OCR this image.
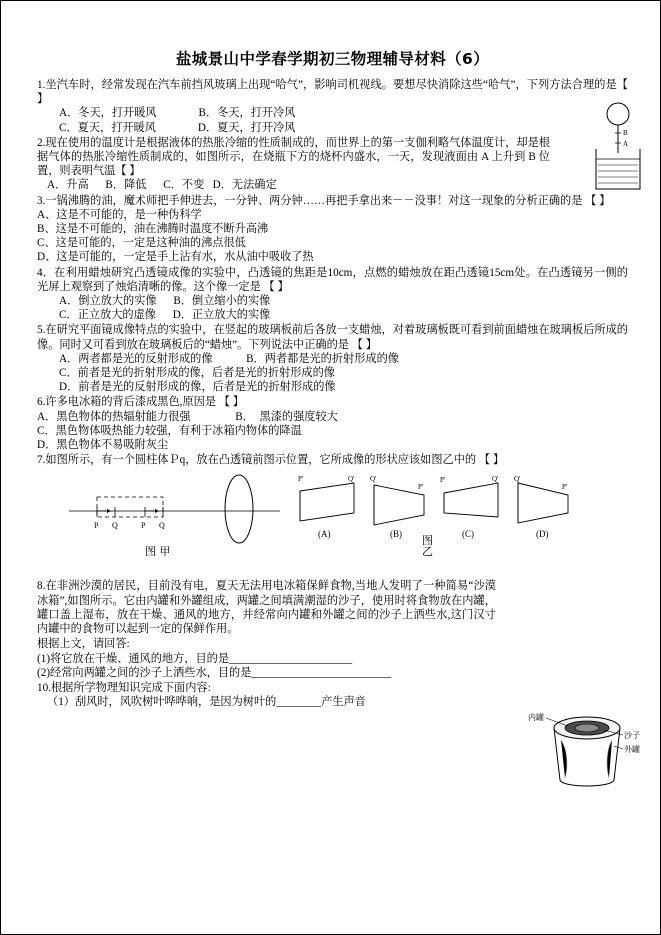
盐城景山中学春学期初三物理辅导材料（6）
1.坐汽车时，经常发现在汽车前挡风玻璃上出现“哈气”，影响司机视线。要想尽快消除这些“哈气”，下列方法合理的是【 】
A．冬天，打开暖风               B．冬天，打开冷风
C．夏天，打开暖风               D．夏天，打开冷风
2.现在使用的温度计是根据液体的热胀冷缩的性质制成的，而世界上的第一支伽利略气体温度计，却是根据气体的热胀冷缩性质制成的，如图所示，在烧瓶下方的烧杯内盛水，一天，发现液面由 A 上升到 B 位置，则表明气温【 】
A．升高      B．降低      C．不变   D．无法确定
3.一锅沸腾的油，魔术师把手伸进去，一分钟、两分钟……再把手拿出来－－没事！对这一现象的分析正确的是 【 】
A、这是不可能的，是一种伪科学
B、这是不可能的，油在沸腾时温度不断升高沸
C、这是可能的，一定是这种油的沸点很低
D、这是可能的，一定是手上沾有水，水从油中吸收了热
4．在利用蜡烛研究凸透镜成像的实验中，凸透镜的焦距是10cm，点燃的蜡烛放在距凸透镜15cm处。在凸透镜另一侧的光屏上观察到了烛焰清晰的像。这个像一定是 【 】
A．倒立放大的实像      B．倒立缩小的实像
C．正立放大的虚像      D．正立放大的实像
5.在研究平面镜成像特点的实验中，在竖起的玻璃板前后各放一支蜡烛，对着玻璃板既可看到前面蜡烛在玻璃板后所成的像。同时又可看到放在玻璃板后的“蜡烛”。下列说法中正确的是 【 】
A．两者都是光的反射形成的像            B．两者都是光的折射形成的像
C．前者是光的折射形成的像，后者是光的折射形成的像
D．前者是光的反射形成的像，后者是光的折射形成的像
6.许多电冰箱的背后漆成黑色,原因是 【 】
A．黑色物体的热辐射能力很强                B．  黑漆的强度较大
C．黑色物体吸热能力较强，有利于冰箱内物体的降温
D．黑色物体不易吸附灰尘
7.如图所示，有一个圆柱体Ｐq，放在凸透镜前图示位置，它所成像的形状应该如图乙中的 【 】
P Q	P Q
P'	Q'
(A)
Q'
P'
(B)
P'	Q'
(C)
Q'
P'
(D)
图 甲
图
乙
8.在非洲沙漠的居民，目前没有电，夏天无法用电冰箱保鲜食物,当地人发明了一种简易“沙漠冰箱”,如图所示。它由内罐和外罐组成，两罐之间填满潮湿的沙子，使用时将食物放在内罐，罐口盖上湿布，放在干燥、通风的地方，并经常向内罐和外罐之间的沙子上洒些水,这门汉寸内罐中的食物可以起到一定的保鲜作用。
根据上文，请回答:
(1)将它放在干燥、通风的地方，目的是______________________
(2)经常向两罐之间的沙子上洒些水，目的是_________________________
10.根据所学物理知识完成下面内容:
（1）刮风时，风吹树叶哗哗响，是因为树叶的________产生声音
B
A
内罐
沙子
外罐
